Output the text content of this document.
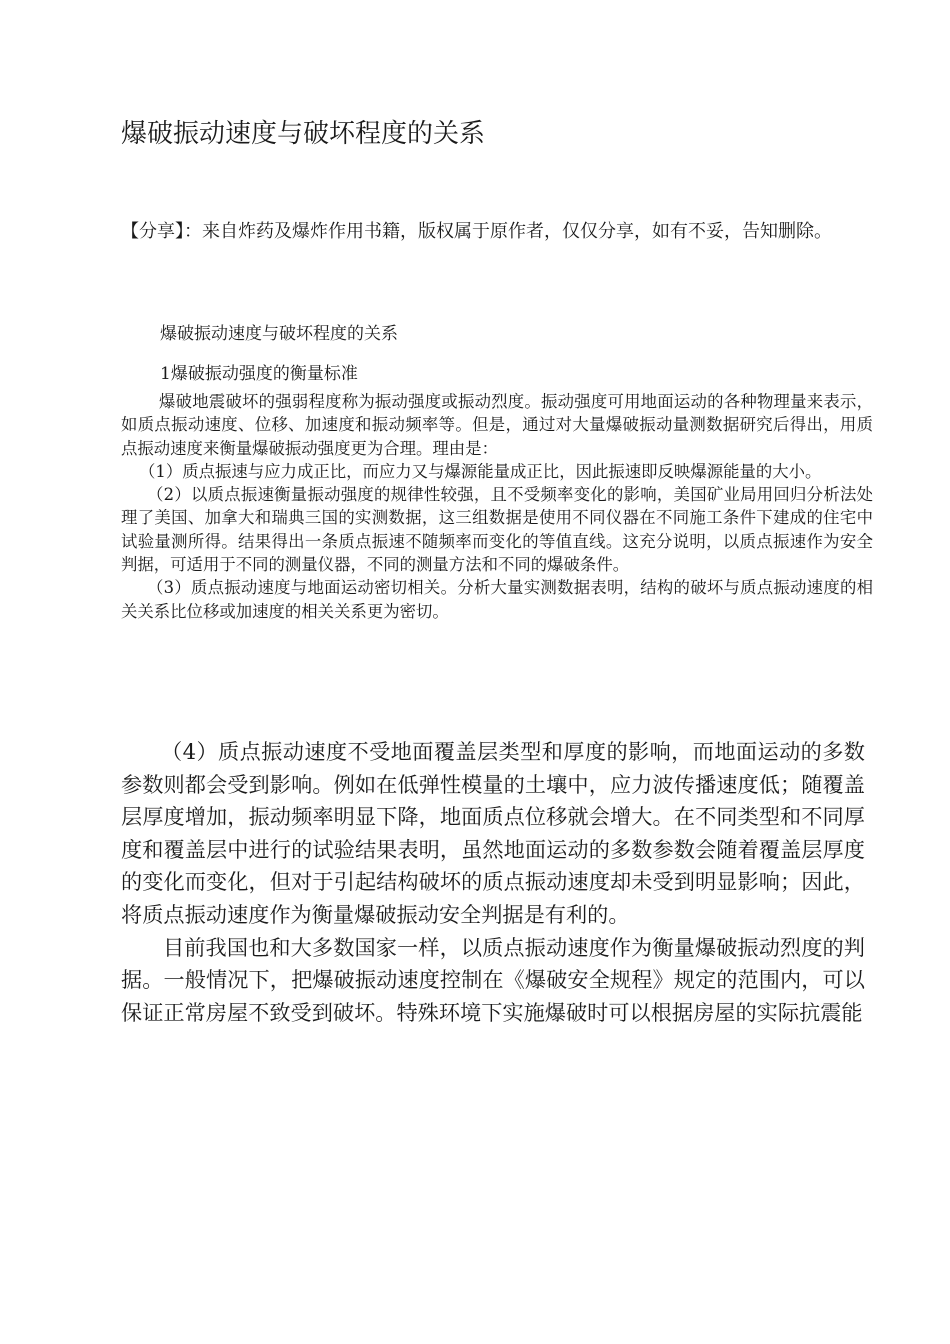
爆破振动速度与破坏程度的关系

【分享】：来自炸药及爆炸作用书籍，版权属于原作者，仅仅分享，如有不妥，告知删除。

爆破振动速度与破坏程度的关系

1爆破振动强度的衡量标准

爆破地震破坏的强弱程度称为振动强度或振动烈度。振动强度可用地面运动的各种物理量来表示，如质点振动速度、位移、加速度和振动频率等。但是，通过对大量爆破振动量测数据研究后得出，用质点振动速度来衡量爆破振动强度更为合理。理由是：

（1）质点振速与应力成正比，而应力又与爆源能量成正比，因此振速即反映爆源能量的大小。

（2）以质点振速衡量振动强度的规律性较强，且不受频率变化的影响，美国矿业局用回归分析法处理了美国、加拿大和瑞典三国的实测数据，这三组数据是使用不同仪器在不同施工条件下建成的住宅中试验量测所得。结果得出一条质点振速不随频率而变化的等值直线。这充分说明，以质点振速作为安全判据，可适用于不同的测量仪器，不同的测量方法和不同的爆破条件。

（3）质点振动速度与地面运动密切相关。分析大量实测数据表明，结构的破坏与质点振动速度的相关关系比位移或加速度的相关关系更为密切。

（4）质点振动速度不受地面覆盖层类型和厚度的影响，而地面运动的多数参数则都会受到影响。例如在低弹性模量的土壤中，应力波传播速度低；随覆盖层厚度增加，振动频率明显下降，地面质点位移就会增大。在不同类型和不同厚度和覆盖层中进行的试验结果表明，虽然地面运动的多数参数会随着覆盖层厚度的变化而变化，但对于引起结构破坏的质点振动速度却未受到明显影响；因此，将质点振动速度作为衡量爆破振动安全判据是有利的。

目前我国也和大多数国家一样，以质点振动速度作为衡量爆破振动烈度的判据。一般情况下，把爆破振动速度控制在《爆破安全规程》规定的范围内，可以保证正常房屋不致受到破坏。特殊环境下实施爆破时可以根据房屋的实际抗震能
